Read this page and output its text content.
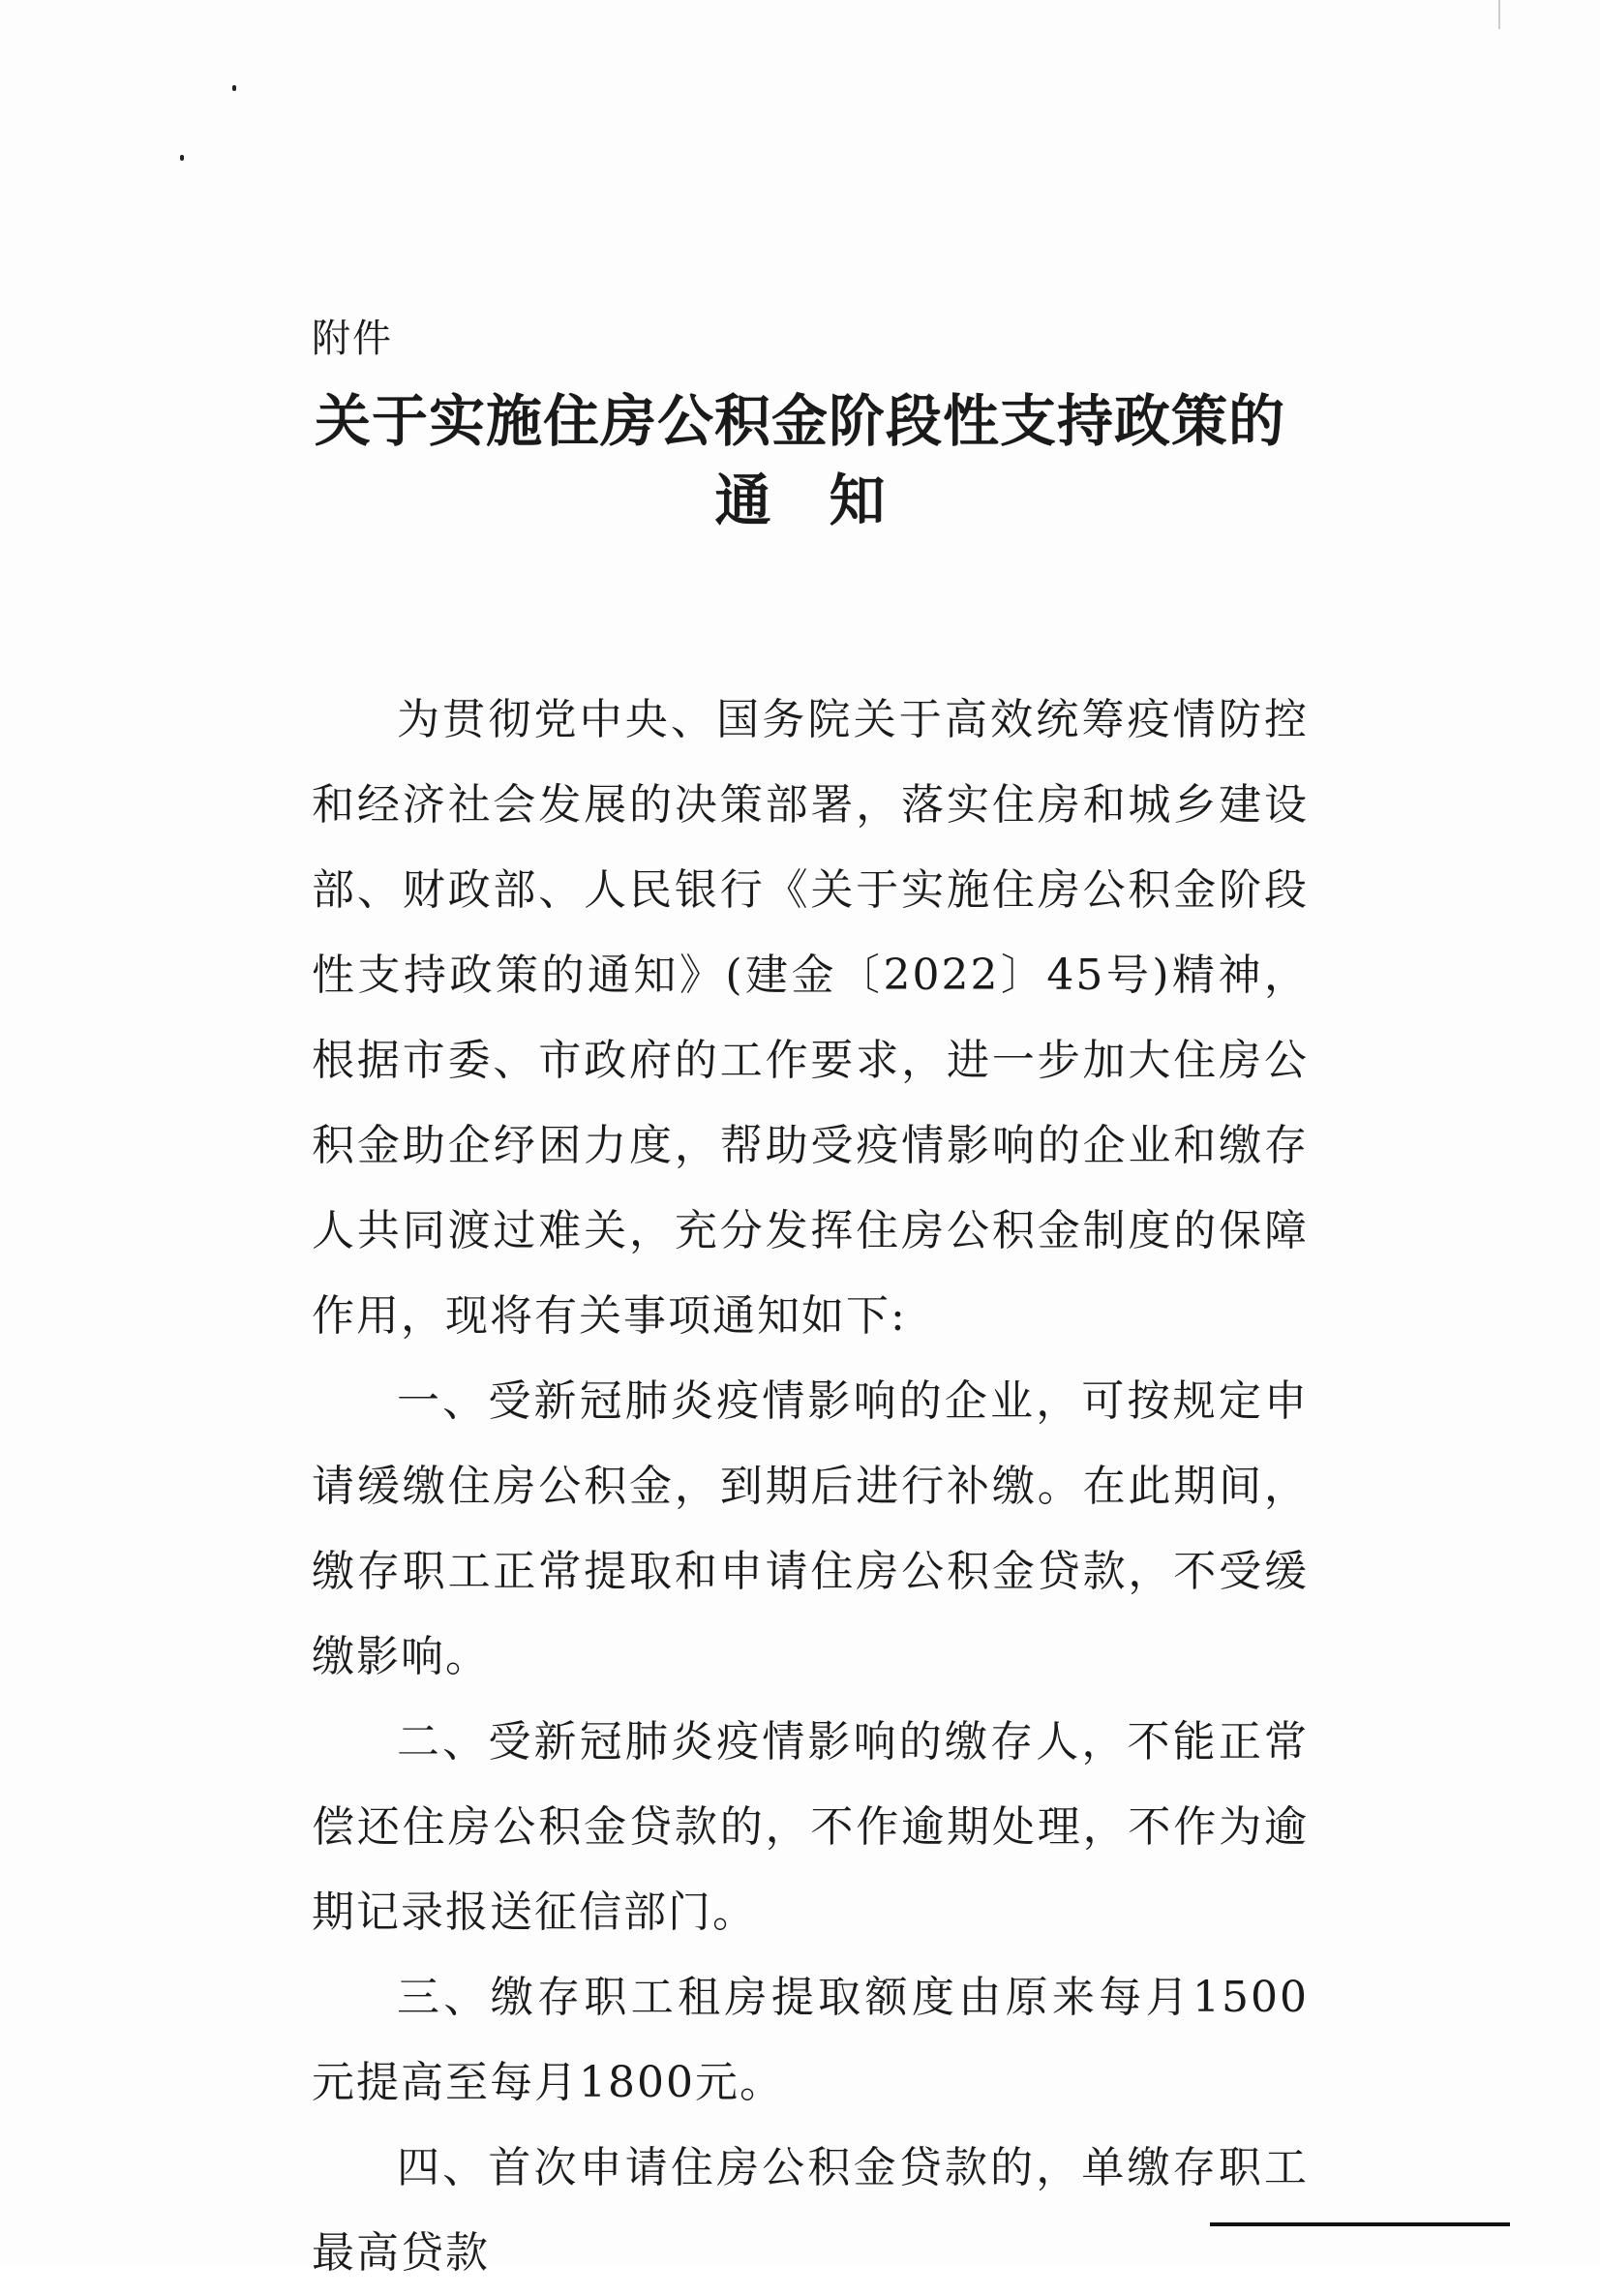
附件
关于实施住房公积金阶段性支持政策的
通知

为贯彻党中央、国务院关于高效统筹疫情防控和经济社会发展的决策部署，落实住房和城乡建设部、财政部、人民银行《关于实施住房公积金阶段性支持政策的通知》(建金〔2022〕45号)精神，根据市委、市政府的工作要求，进一步加大住房公积金助企纾困力度，帮助受疫情影响的企业和缴存人共同渡过难关，充分发挥住房公积金制度的保障作用，现将有关事项通知如下:

一、受新冠肺炎疫情影响的企业，可按规定申请缓缴住房公积金，到期后进行补缴。在此期间，缴存职工正常提取和申请住房公积金贷款，不受缓缴影响。

二、受新冠肺炎疫情影响的缴存人，不能正常偿还住房公积金贷款的，不作逾期处理，不作为逾期记录报送征信部门。

三、缴存职工租房提取额度由原来每月1500元提高至每月1800元。

四、首次申请住房公积金贷款的，单缴存职工最高贷款
